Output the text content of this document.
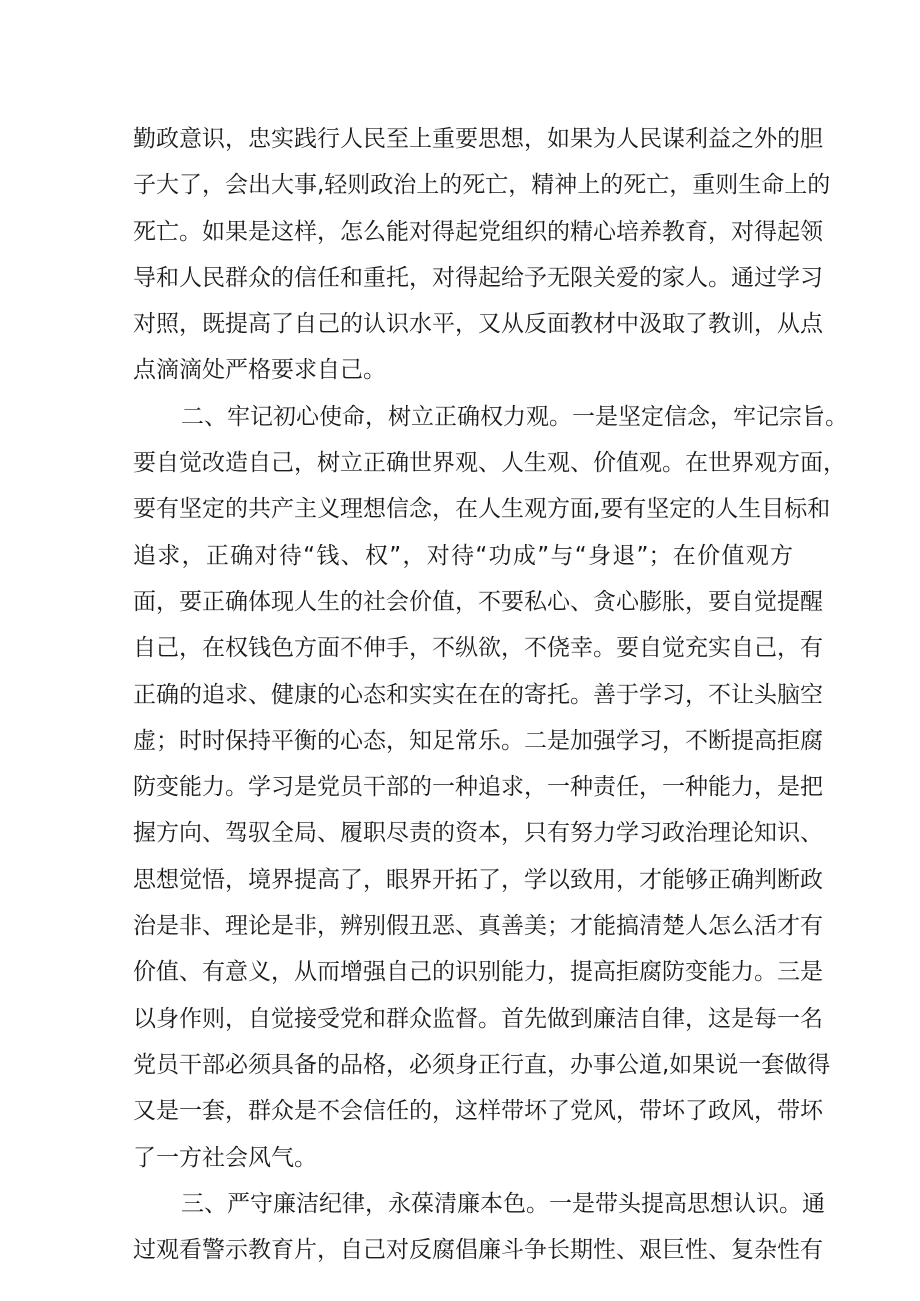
勤政意识，忠实践行人民至上重要思想，如果为人民谋利益之外的胆
子大了，会出大事,轻则政治上的死亡，精神上的死亡，重则生命上的
死亡。如果是这样，怎么能对得起党组织的精心培养教育，对得起领
导和人民群众的信任和重托，对得起给予无限关爱的家人。通过学习
对照，既提高了自己的认识水平，又从反面教材中汲取了教训，从点
点滴滴处严格要求自己。
二、牢记初心使命，树立正确权力观。一是坚定信念，牢记宗旨。
要自觉改造自己，树立正确世界观、人生观、价值观。在世界观方面，
要有坚定的共产主义理想信念，在人生观方面,要有坚定的人生目标和
追求，正确对待“钱、权”，对待“功成”与“身退”；在价值观方
面，要正确体现人生的社会价值，不要私心、贪心膨胀，要自觉提醒
自己，在权钱色方面不伸手，不纵欲，不侥幸。要自觉充实自己，有
正确的追求、健康的心态和实实在在的寄托。善于学习，不让头脑空
虚；时时保持平衡的心态，知足常乐。二是加强学习，不断提高拒腐
防变能力。学习是党员干部的一种追求，一种责任，一种能力，是把
握方向、驾驭全局、履职尽责的资本，只有努力学习政治理论知识、
思想觉悟，境界提高了，眼界开拓了，学以致用，才能够正确判断政
治是非、理论是非，辨别假丑恶、真善美；才能搞清楚人怎么活才有
价值、有意义，从而增强自己的识别能力，提高拒腐防变能力。三是
以身作则，自觉接受党和群众监督。首先做到廉洁自律，这是每一名
党员干部必须具备的品格，必须身正行直，办事公道,如果说一套做得
又是一套，群众是不会信任的，这样带坏了党风，带坏了政风，带坏
了一方社会风气。
三、严守廉洁纪律，永葆清廉本色。一是带头提高思想认识。通
过观看警示教育片，自己对反腐倡廉斗争长期性、艰巨性、复杂性有
